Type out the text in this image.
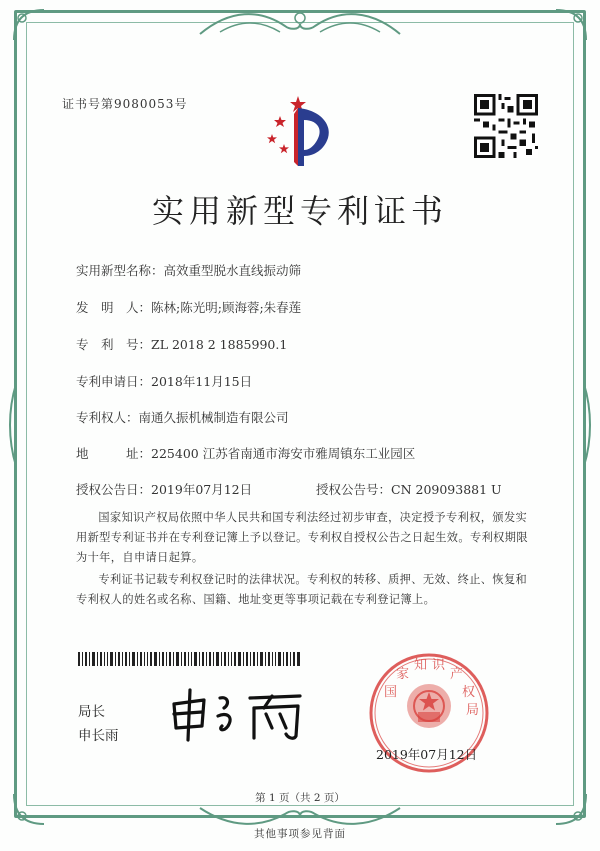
证书号第9080053号
实用新型专利证书
实用新型名称：高效重型脱水直线振动筛
发　明　人：陈林;陈光明;顾海蓉;朱春莲
专　利　号：ZL 2018 2 1885990.1
专利申请日：2018年11月15日
专利权人：南通久振机械制造有限公司
地　　　址：225400 江苏省南通市海安市雅周镇东工业园区
授权公告日：2019年07月12日	授权公告号：CN 209093881 U
国家知识产权局依照中华人民共和国专利法经过初步审查，决定授予专利权，颁发实用新型专利证书并在专利登记簿上予以登记。专利权自授权公告之日起生效。专利权期限为十年，自申请日起算。
专利证书记载专利权登记时的法律状况。专利权的转移、质押、无效、终止、恢复和专利权人的姓名或名称、国籍、地址变更等事项记载在专利登记簿上。
局长
申长雨
国
家
知 识
产
权
局
2019年07月12日
第 1 页（共 2 页）
其他事项参见背面
